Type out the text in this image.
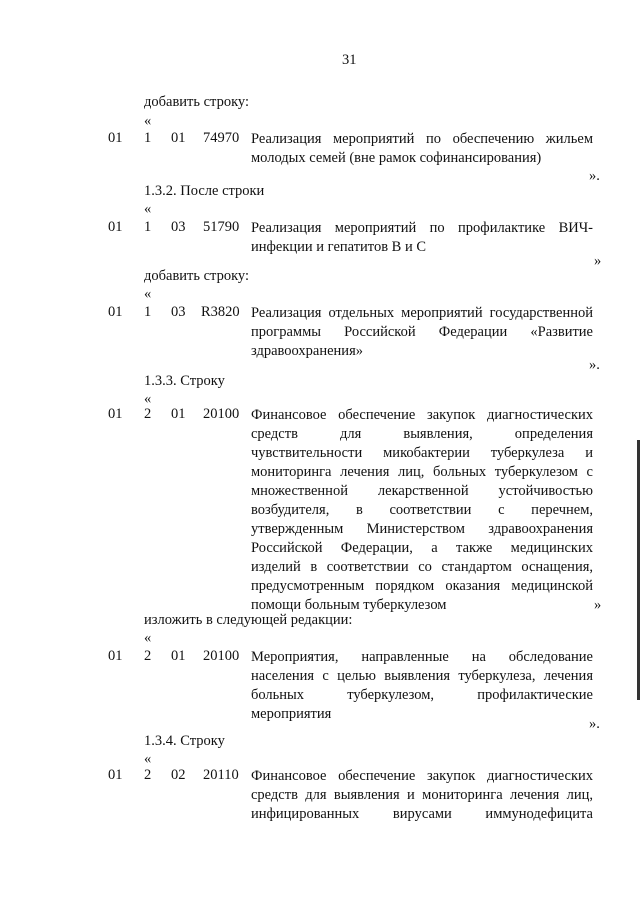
31
добавить строку:
«
01 1 01 74970 Реализация мероприятий по обеспечению жильем
молодых семей (вне рамок софинансирования)
».
1.3.2. После строки
«
01 1 03 51790 Реализация мероприятий по профилактике ВИЧ-
инфекции и гепатитов В и С
»
добавить строку:
«
01 1 03 R3820 Реализация отдельных мероприятий государственной
программы Российской Федерации «Развитие
здравоохранения»
».
1.3.3. Строку
«
01 2 01 20100 Финансовое обеспечение закупок диагностических
средств для выявления, определения
чувствительности микобактерии туберкулеза и
мониторинга лечения лиц, больных туберкулезом с
множественной лекарственной устойчивостью
возбудителя, в соответствии с перечнем,
утвержденным Министерством здравоохранения
Российской Федерации, а также медицинских
изделий в соответствии со стандартом оснащения,
предусмотренным порядком оказания медицинской
помощи больным туберкулезом	»
изложить в следующей редакции:
«
01 2 01 20100 Мероприятия, направленные на обследование
населения с целью выявления туберкулеза, лечения
больных туберкулезом, профилактические
мероприятия
».
1.3.4. Строку
«
01 2 02 20110 Финансовое обеспечение закупок диагностических
средств для выявления и мониторинга лечения лиц,
инфицированных вирусами иммунодефицита
